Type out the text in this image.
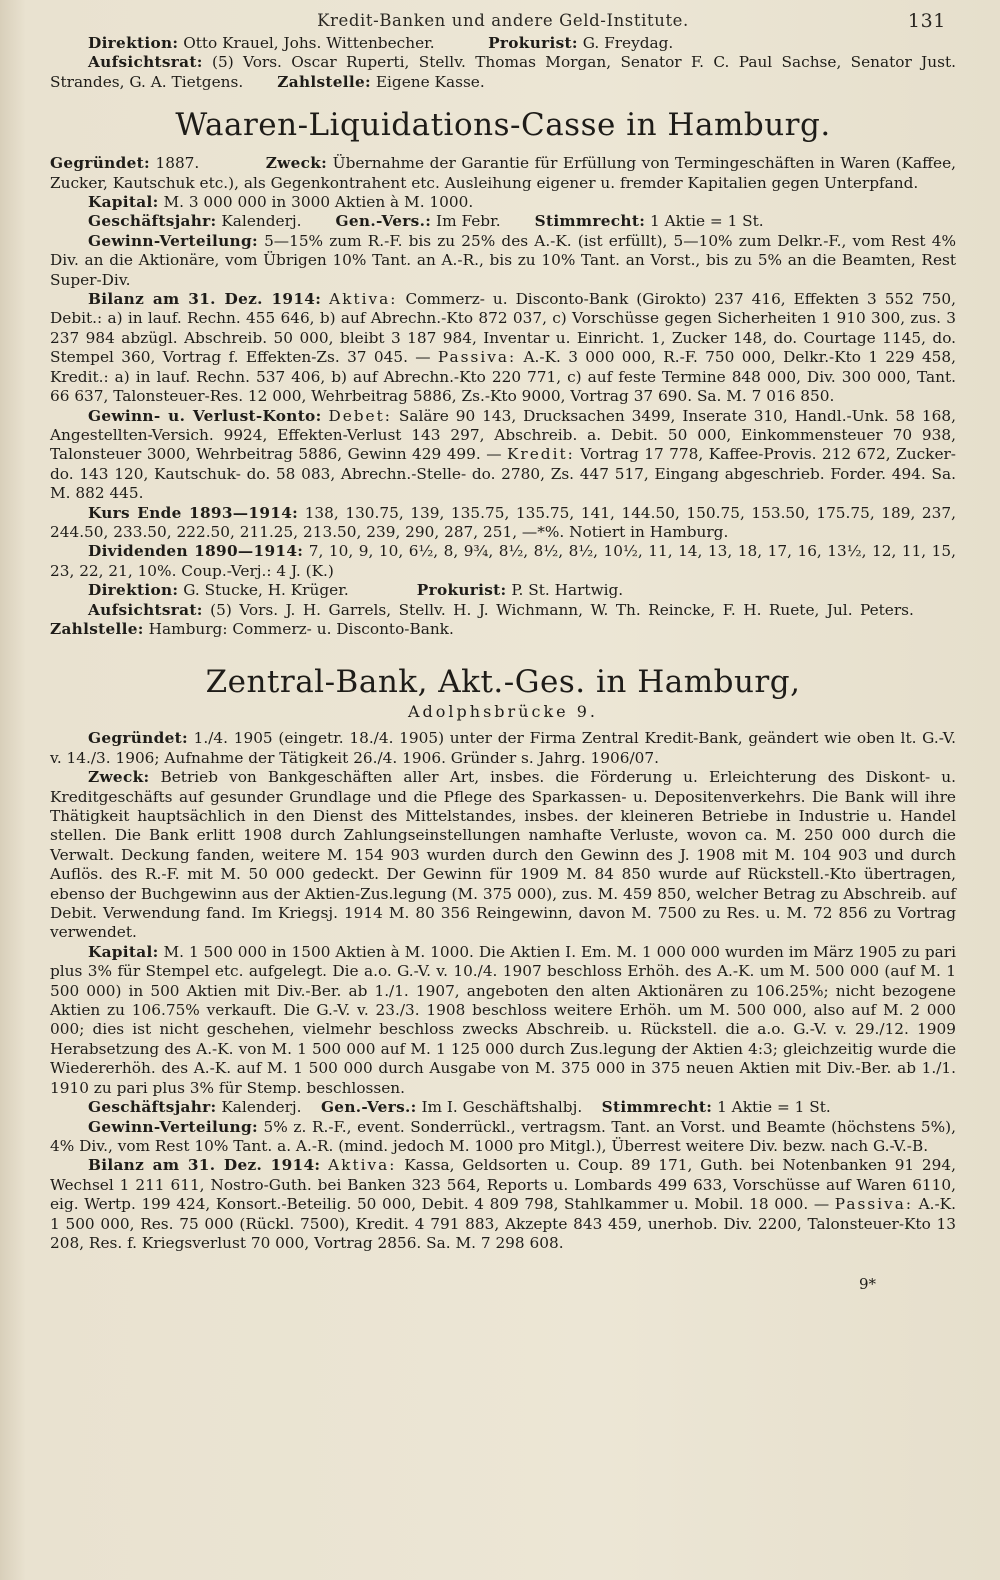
Kredit-Banken und andere Geld-Institute.	131

Direktion: Otto Krauel, Johs. Wittenbecher.	Prokurist: G. Freydag.

Aufsichtsrat: (5) Vors. Oscar Ruperti, Stellv. Thomas Morgan, Senator F. C. Paul Sachse, Senator Just. Strandes, G. A. Tietgens. Zahlstelle: Eigene Kasse.

Waaren-Liquidations-Casse in Hamburg.

Gegründet: 1887.	Zweck: Übernahme der Garantie für Erfüllung von Termingeschäften in Waren (Kaffee, Zucker, Kautschuk etc.), als Gegenkontrahent etc. Ausleihung eigener u. fremder Kapitalien gegen Unterpfand.

Kapital: M. 3 000 000 in 3000 Aktien à M. 1000.

Geschäftsjahr: Kalenderj. Gen.-Vers.: Im Febr. Stimmrecht: 1 Aktie = 1 St.

Gewinn-Verteilung: 5—15% zum R.-F. bis zu 25% des A.-K. (ist erfüllt), 5—10% zum Delkr.-F., vom Rest 4% Div. an die Aktionäre, vom Übrigen 10% Tant. an A.-R., bis zu 10% Tant. an Vorst., bis zu 5% an die Beamten, Rest Super-Div.

Bilanz am 31. Dez. 1914: Aktiva: Commerz- u. Disconto-Bank (Girokto) 237 416, Effekten 3 552 750, Debit.: a) in lauf. Rechn. 455 646, b) auf Abrechn.-Kto 872 037, c) Vorschüsse gegen Sicherheiten 1 910 300, zus. 3 237 984 abzügl. Abschreib. 50 000, bleibt 3 187 984, Inventar u. Einricht. 1, Zucker 148, do. Courtage 1145, do. Stempel 360, Vortrag f. Effekten-Zs. 37 045. — Passiva: A.-K. 3 000 000, R.-F. 750 000, Delkr.-Kto 1 229 458, Kredit.: a) in lauf. Rechn. 537 406, b) auf Abrechn.-Kto 220 771, c) auf feste Termine 848 000, Div. 300 000, Tant. 66 637, Talonsteuer-Res. 12 000, Wehrbeitrag 5886, Zs.-Kto 9000, Vortrag 37 690. Sa. M. 7 016 850.

Gewinn- u. Verlust-Konto: Debet: Saläre 90 143, Drucksachen 3499, Inserate 310, Handl.-Unk. 58 168, Angestellten-Versich. 9924, Effekten-Verlust 143 297, Abschreib. a. Debit. 50 000, Einkommensteuer 70 938, Talonsteuer 3000, Wehrbeitrag 5886, Gewinn 429 499. — Kredit: Vortrag 17 778, Kaffee-Provis. 212 672, Zucker- do. 143 120, Kautschuk- do. 58 083, Abrechn.-Stelle- do. 2780, Zs. 447 517, Eingang abgeschrieb. Forder. 494. Sa. M. 882 445.

Kurs Ende 1893—1914: 138, 130.75, 139, 135.75, 135.75, 141, 144.50, 150.75, 153.50, 175.75, 189, 237, 244.50, 233.50, 222.50, 211.25, 213.50, 239, 290, 287, 251, —*%. Notiert in Hamburg.

Dividenden 1890—1914: 7, 10, 9, 10, 6½, 8, 9¾, 8½, 8½, 8½, 10½, 11, 14, 13, 18, 17, 16, 13½, 12, 11, 15, 23, 22, 21, 10%. Coup.-Verj.: 4 J. (K.)

Direktion: G. Stucke, H. Krüger.	Prokurist: P. St. Hartwig.

Aufsichtsrat: (5) Vors. J. H. Garrels, Stellv. H. J. Wichmann, W. Th. Reincke, F. H. Ruete, Jul. Peters.       Zahlstelle: Hamburg: Commerz- u. Disconto-Bank.

Zentral-Bank, Akt.-Ges. in Hamburg,
Adolphsbrücke 9.

Gegründet: 1./4. 1905 (eingetr. 18./4. 1905) unter der Firma Zentral Kredit-Bank, geändert wie oben lt. G.-V. v. 14./3. 1906; Aufnahme der Tätigkeit 26./4. 1906. Gründer s. Jahrg. 1906/07.

Zweck: Betrieb von Bankgeschäften aller Art, insbes. die Förderung u. Erleichterung des Diskont- u. Kreditgeschäfts auf gesunder Grundlage und die Pflege des Sparkassen- u. Depositenverkehrs. Die Bank will ihre Thätigkeit hauptsächlich in den Dienst des Mittelstandes, insbes. der kleineren Betriebe in Industrie u. Handel stellen. Die Bank erlitt 1908 durch Zahlungseinstellungen namhafte Verluste, wovon ca. M. 250 000 durch die Verwalt. Deckung fanden, weitere M. 154 903 wurden durch den Gewinn des J. 1908 mit M. 104 903 und durch Auflös. des R.-F. mit M. 50 000 gedeckt. Der Gewinn für 1909 M. 84 850 wurde auf Rückstell.-Kto übertragen, ebenso der Buchgewinn aus der Aktien-Zus.legung (M. 375 000), zus. M. 459 850, welcher Betrag zu Abschreib. auf Debit. Verwendung fand. Im Kriegsj. 1914 M. 80 356 Reingewinn, davon M. 7500 zu Res. u. M. 72 856 zu Vortrag verwendet.

Kapital: M. 1 500 000 in 1500 Aktien à M. 1000. Die Aktien I. Em. M. 1 000 000 wurden im März 1905 zu pari plus 3% für Stempel etc. aufgelegt. Die a.o. G.-V. v. 10./4. 1907 beschloss Erhöh. des A.-K. um M. 500 000 (auf M. 1 500 000) in 500 Aktien mit Div.-Ber. ab 1./1. 1907, angeboten den alten Aktionären zu 106.25%; nicht bezogene Aktien zu 106.75% verkauft. Die G.-V. v. 23./3. 1908 beschloss weitere Erhöh. um M. 500 000, also auf M. 2 000 000; dies ist nicht geschehen, vielmehr beschloss zwecks Abschreib. u. Rückstell. die a.o. G.-V. v. 29./12. 1909 Herabsetzung des A.-K. von M. 1 500 000 auf M. 1 125 000 durch Zus.legung der Aktien 4:3; gleichzeitig wurde die Wiedererhöh. des A.-K. auf M. 1 500 000 durch Ausgabe von M. 375 000 in 375 neuen Aktien mit Div.-Ber. ab 1./1. 1910 zu pari plus 3% für Stemp. beschlossen.

Geschäftsjahr: Kalenderj. Gen.-Vers.: Im I. Geschäftshalbj. Stimmrecht: 1 Aktie = 1 St.

Gewinn-Verteilung: 5% z. R.-F., event. Sonderrückl., vertragsm. Tant. an Vorst. und Beamte (höchstens 5%), 4% Div., vom Rest 10% Tant. a. A.-R. (mind. jedoch M. 1000 pro Mitgl.), Überrest weitere Div. bezw. nach G.-V.-B.

Bilanz am 31. Dez. 1914: Aktiva: Kassa, Geldsorten u. Coup. 89 171, Guth. bei Notenbanken 91 294, Wechsel 1 211 611, Nostro-Guth. bei Banken 323 564, Reports u. Lombards 499 633, Vorschüsse auf Waren 6110, eig. Wertp. 199 424, Konsort.-Beteilig. 50 000, Debit. 4 809 798, Stahlkammer u. Mobil. 18 000. — Passiva: A.-K. 1 500 000, Res. 75 000 (Rückl. 7500), Kredit. 4 791 883, Akzepte 843 459, unerhob. Div. 2200, Talonsteuer-Kto 13 208, Res. f. Kriegsverlust 70 000, Vortrag 2856. Sa. M. 7 298 608.

9*
